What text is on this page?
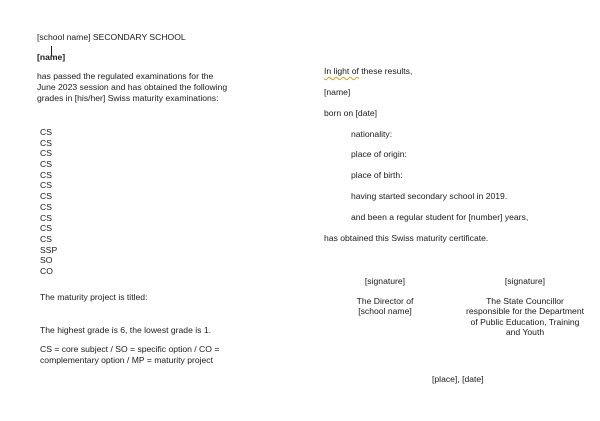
[school name] SECONDARY SCHOOL
[name]
has passed the regulated examinations for the
June 2023 session and has obtained the following
grades in [his/her] Swiss maturity examinations:
CS
CS
CS
CS
CS
CS
CS
CS
CS
CS
CS
SSP
SO
CO
The maturity project is titled:
The highest grade is 6, the lowest grade is 1.
CS = core subject / SO = specific option / CO =
complementary option / MP = maturity project
In light of these results,
[name]
born on [date]
nationality:
place of origin:
place of birth:
having started secondary school in 2019.
and been a regular student for [number] years,
has obtained this Swiss maturity certificate.
[signature]	[signature]
The Director of
[school name]
The State Councillor
responsible for the Department
of Public Education, Training
and Youth
[place], [date]
